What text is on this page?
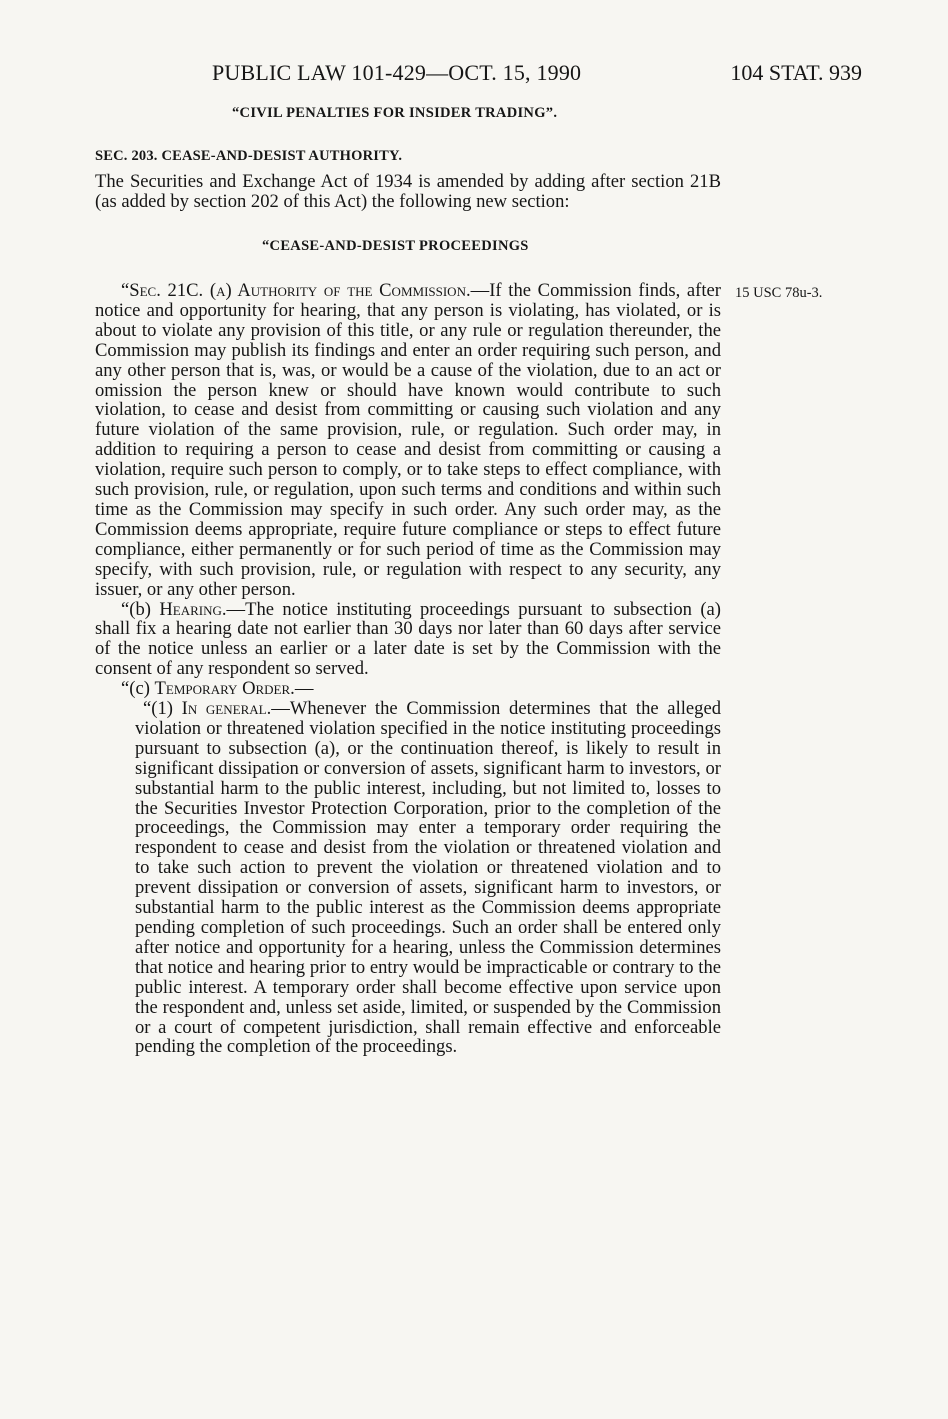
PUBLIC LAW 101-429—OCT. 15, 1990	104 STAT. 939
“CIVIL PENALTIES FOR INSIDER TRADING”.
SEC. 203. CEASE-AND-DESIST AUTHORITY.

The Securities and Exchange Act of 1934 is amended by adding after section 21B (as added by section 202 of this Act) the following new section:

“CEASE-AND-DESIST PROCEEDINGS
15 USC 78u-3.

“Sec. 21C. (a) Authority of the Commission.—If the Commission finds, after notice and opportunity for hearing, that any person is violating, has violated, or is about to violate any provision of this title, or any rule or regulation thereunder, the Commission may publish its findings and enter an order requiring such person, and any other person that is, was, or would be a cause of the violation, due to an act or omission the person knew or should have known would contribute to such violation, to cease and desist from committing or causing such violation and any future violation of the same provision, rule, or regulation. Such order may, in addition to requiring a person to cease and desist from committing or causing a violation, require such person to comply, or to take steps to effect compliance, with such provision, rule, or regulation, upon such terms and conditions and within such time as the Commission may specify in such order. Any such order may, as the Commission deems appropriate, require future compliance or steps to effect future compliance, either permanently or for such period of time as the Commission may specify, with such provision, rule, or regulation with respect to any security, any issuer, or any other person.

“(b) Hearing.—The notice instituting proceedings pursuant to subsection (a) shall fix a hearing date not earlier than 30 days nor later than 60 days after service of the notice unless an earlier or a later date is set by the Commission with the consent of any respondent so served.

“(c) Temporary Order.—

“(1) In general.—Whenever the Commission determines that the alleged violation or threatened violation specified in the notice instituting proceedings pursuant to subsection (a), or the continuation thereof, is likely to result in significant dissipation or conversion of assets, significant harm to investors, or substantial harm to the public interest, including, but not limited to, losses to the Securities Investor Protection Corporation, prior to the completion of the proceedings, the Commission may enter a temporary order requiring the respondent to cease and desist from the violation or threatened violation and to take such action to prevent the violation or threatened violation and to prevent dissipation or conversion of assets, significant harm to investors, or substantial harm to the public interest as the Commission deems appropriate pending completion of such proceedings. Such an order shall be entered only after notice and opportunity for a hearing, unless the Commission determines that notice and hearing prior to entry would be impracticable or contrary to the public interest. A temporary order shall become effective upon service upon the respondent and, unless set aside, limited, or suspended by the Commission or a court of competent jurisdiction, shall remain effective and enforceable pending the completion of the proceedings.
